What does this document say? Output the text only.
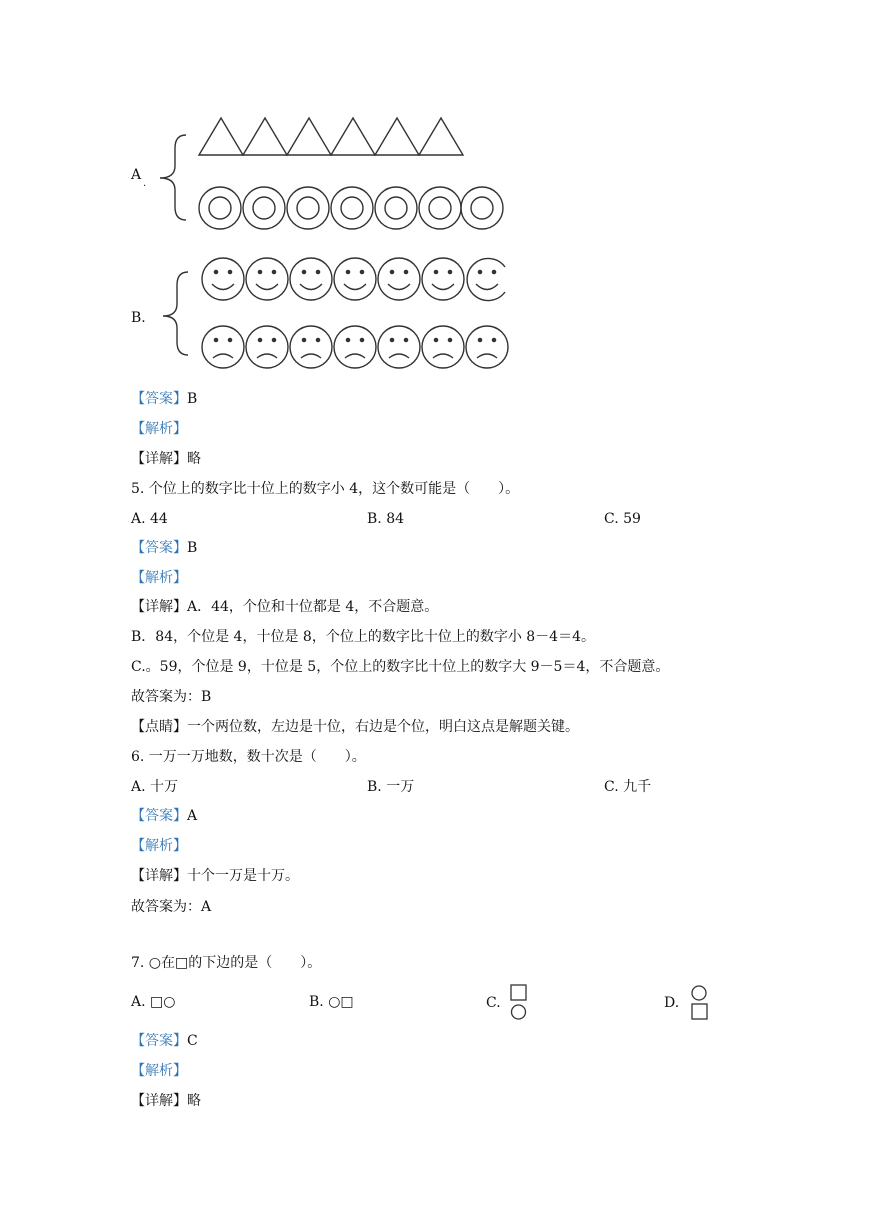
A
.
B.
【答案】B
【解析】
【详解】略
5. 个位上的数字比十位上的数字小 4，这个数可能是（　　）。
A. 44	B. 84	C. 59
【答案】B
【解析】
【详解】A．44，个位和十位都是 4，不合题意。
B．84，个位是 4，十位是 8，个位上的数字比十位上的数字小 8－4＝4。
C.。59，个位是 9，十位是 5，个位上的数字比十位上的数字大 9－5＝4，不合题意。
故答案为：B
【点睛】一个两位数，左边是十位，右边是个位，明白这点是解题关键。
6. 一万一万地数，数十次是（　　）。
A. 十万	B. 一万	C. 九千
【答案】A
【解析】
【详解】十个一万是十万。
故答案为：A
7. ○在□的下边的是（　　）。
A. □○	B. ○□	C.	D.
【答案】C
【解析】
【详解】略
